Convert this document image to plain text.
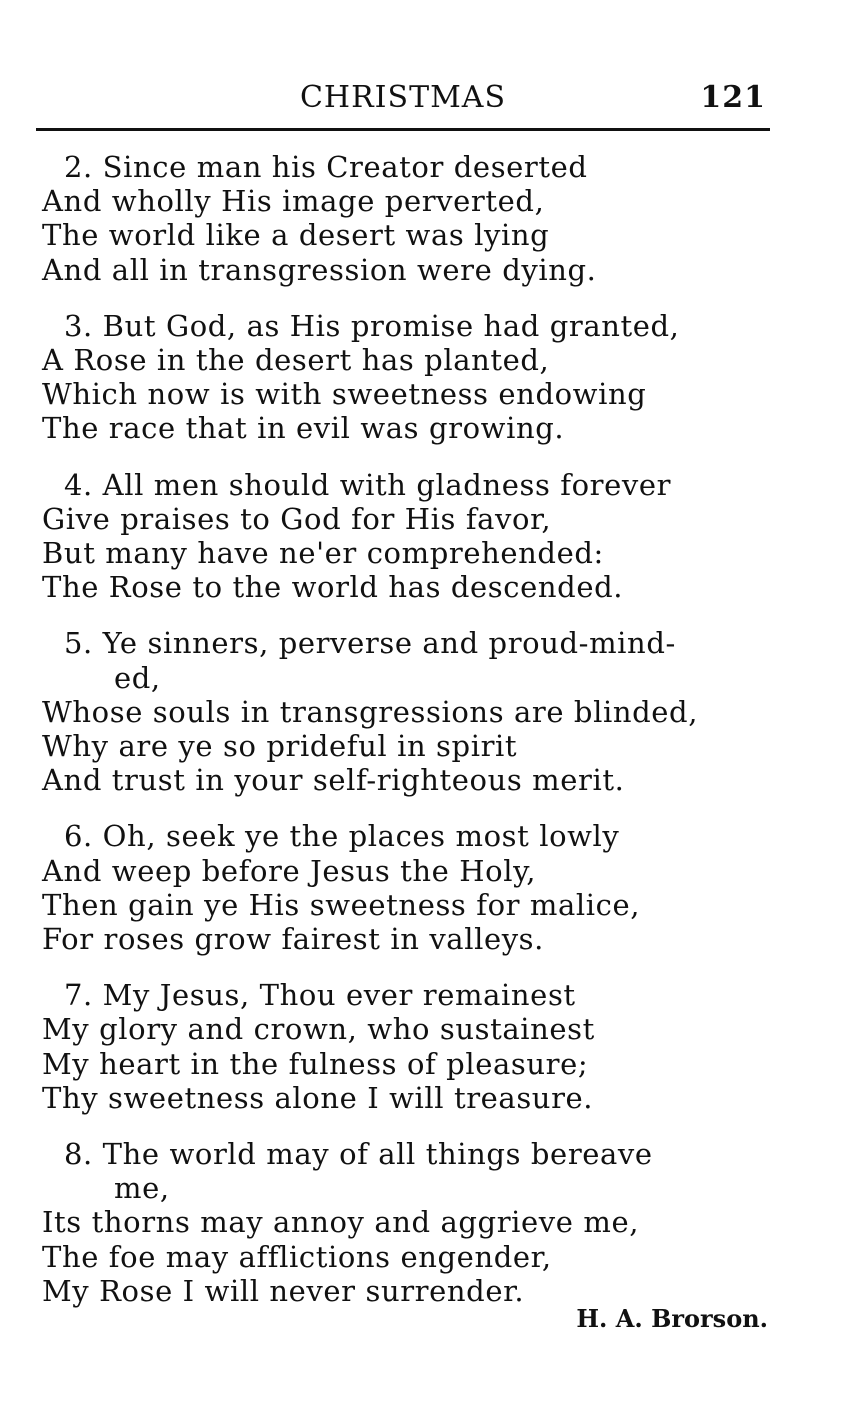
CHRISTMAS	121
2. Since man his Creator deserted
And wholly His image perverted,
The world like a desert was lying
And all in transgression were dying.
3. But God, as His promise had granted,
A Rose in the desert has planted,
Which now is with sweetness endowing
The race that in evil was growing.
4. All men should with gladness forever
Give praises to God for His favor,
But many have ne'er comprehended:
The Rose to the world has descended.
5. Ye sinners, perverse and proud-mind-
ed,
Whose souls in transgressions are blinded,
Why are ye so prideful in spirit
And trust in your self-righteous merit.
6. Oh, seek ye the places most lowly
And weep before Jesus the Holy,
Then gain ye His sweetness for malice,
For roses grow fairest in valleys.
7. My Jesus, Thou ever remainest
My glory and crown, who sustainest
My heart in the fulness of pleasure;
Thy sweetness alone I will treasure.
8. The world may of all things bereave
me,
Its thorns may annoy and aggrieve me,
The foe may afflictions engender,
My Rose I will never surrender.
H. A. Brorson.
